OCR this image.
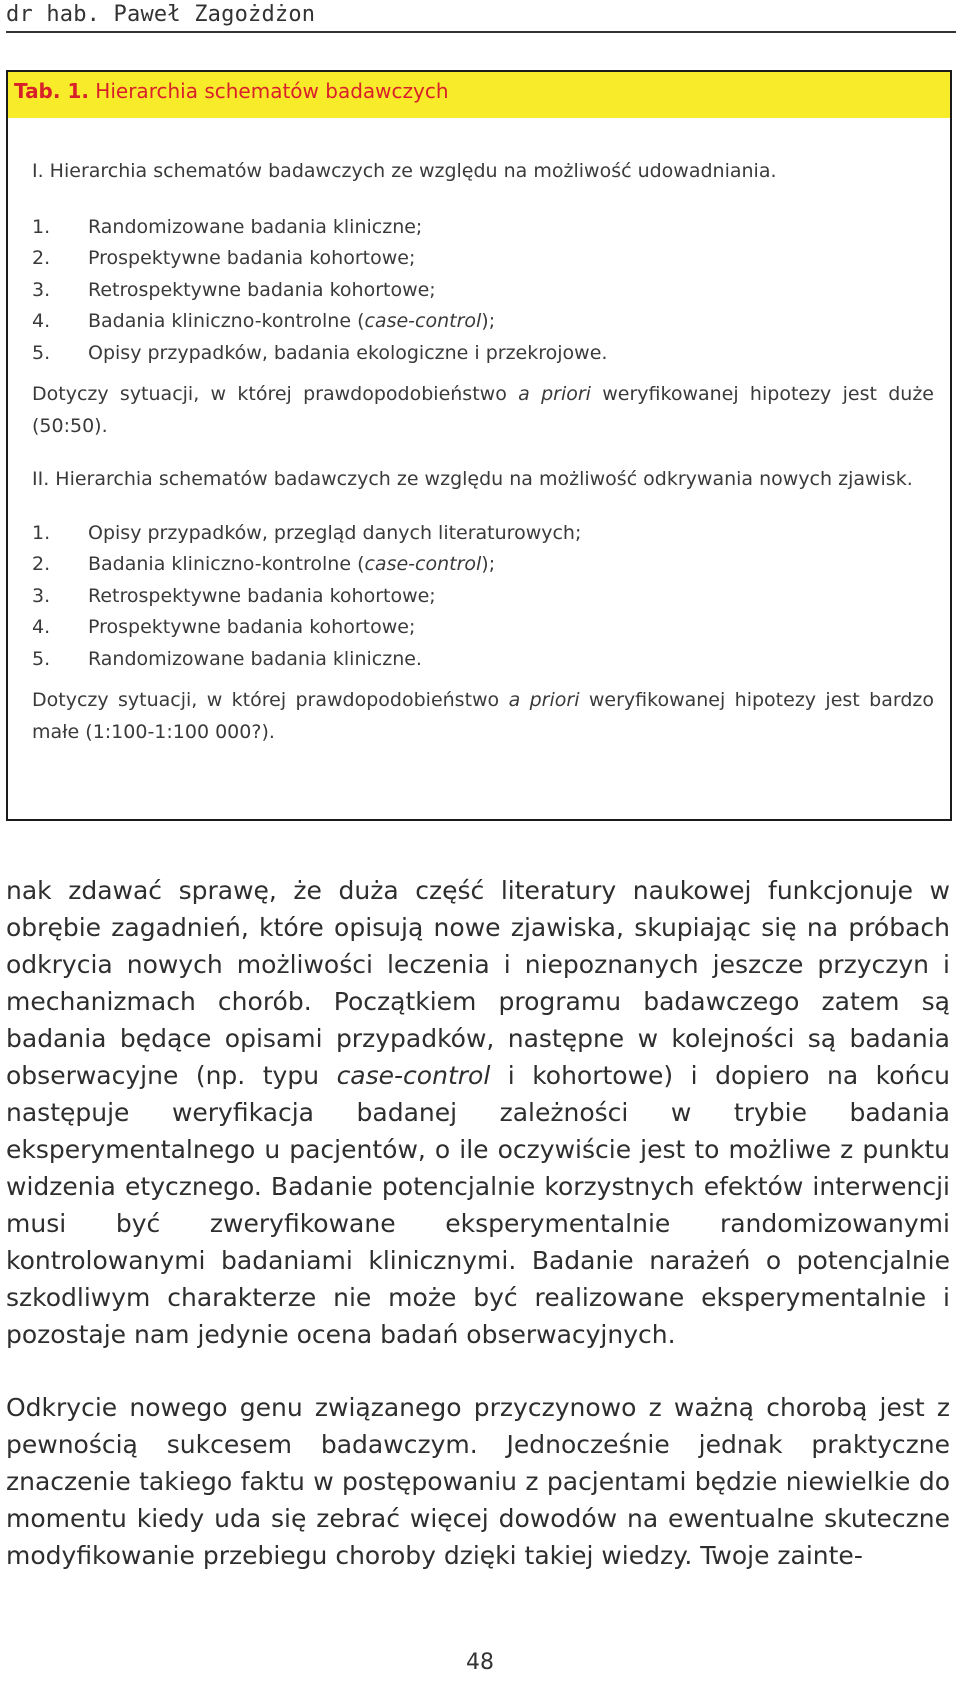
dr hab. Paweł Zagożdżon
Tab. 1. Hierarchia schematów badawczych

I. Hierarchia schematów badawczych ze względu na możliwość udowadniania.

1.	Randomizowane badania kliniczne;
2.	Prospektywne badania kohortowe;
3.	Retrospektywne badania kohortowe;
4.	Badania kliniczno-kontrolne (case-control);
5.	Opisy przypadków, badania ekologiczne i przekrojowe.

Dotyczy sytuacji, w której prawdopodobieństwo a priori weryfikowanej hipotezy jest duże (50:50).

II. Hierarchia schematów badawczych ze względu na możliwość odkrywania nowych zjawisk.

1.	Opisy przypadków, przegląd danych literaturowych;
2.	Badania kliniczno-kontrolne (case-control);
3.	Retrospektywne badania kohortowe;
4.	Prospektywne badania kohortowe;
5.	Randomizowane badania kliniczne.

Dotyczy sytuacji, w której prawdopodobieństwo a priori weryfikowanej hipotezy jest bardzo małe (1:100-1:100 000?).

nak zdawać sprawę, że duża część literatury naukowej funkcjonuje w obrębie zagadnień, które opisują nowe zjawiska, skupiając się na próbach odkrycia nowych możliwości leczenia i niepoznanych jeszcze przyczyn i mechanizmach chorób. Początkiem programu badawczego zatem są badania będące opisami przypadków, następne w kolejności są badania obserwacyjne (np. typu case-control i kohortowe) i dopiero na końcu następuje weryfikacja badanej zależności w trybie badania eksperymentalnego u pacjentów, o ile oczywiście jest to możliwe z punktu widzenia etycznego. Badanie potencjalnie korzystnych efektów interwencji musi być zweryfikowane eksperymentalnie randomizowanymi kontrolowanymi badaniami klinicznymi. Badanie narażeń o potencjalnie szkodliwym charakterze nie może być realizowane eksperymentalnie i pozostaje nam jedynie ocena badań obserwacyjnych.

Odkrycie nowego genu związanego przyczynowo z ważną chorobą jest z pewnością sukcesem badawczym. Jednocześnie jednak praktyczne znaczenie takiego faktu w postępowaniu z pacjentami będzie niewielkie do momentu kiedy uda się zebrać więcej dowodów na ewentualne skuteczne modyfikowanie przebiegu choroby dzięki takiej wiedzy. Twoje zainte-

48
